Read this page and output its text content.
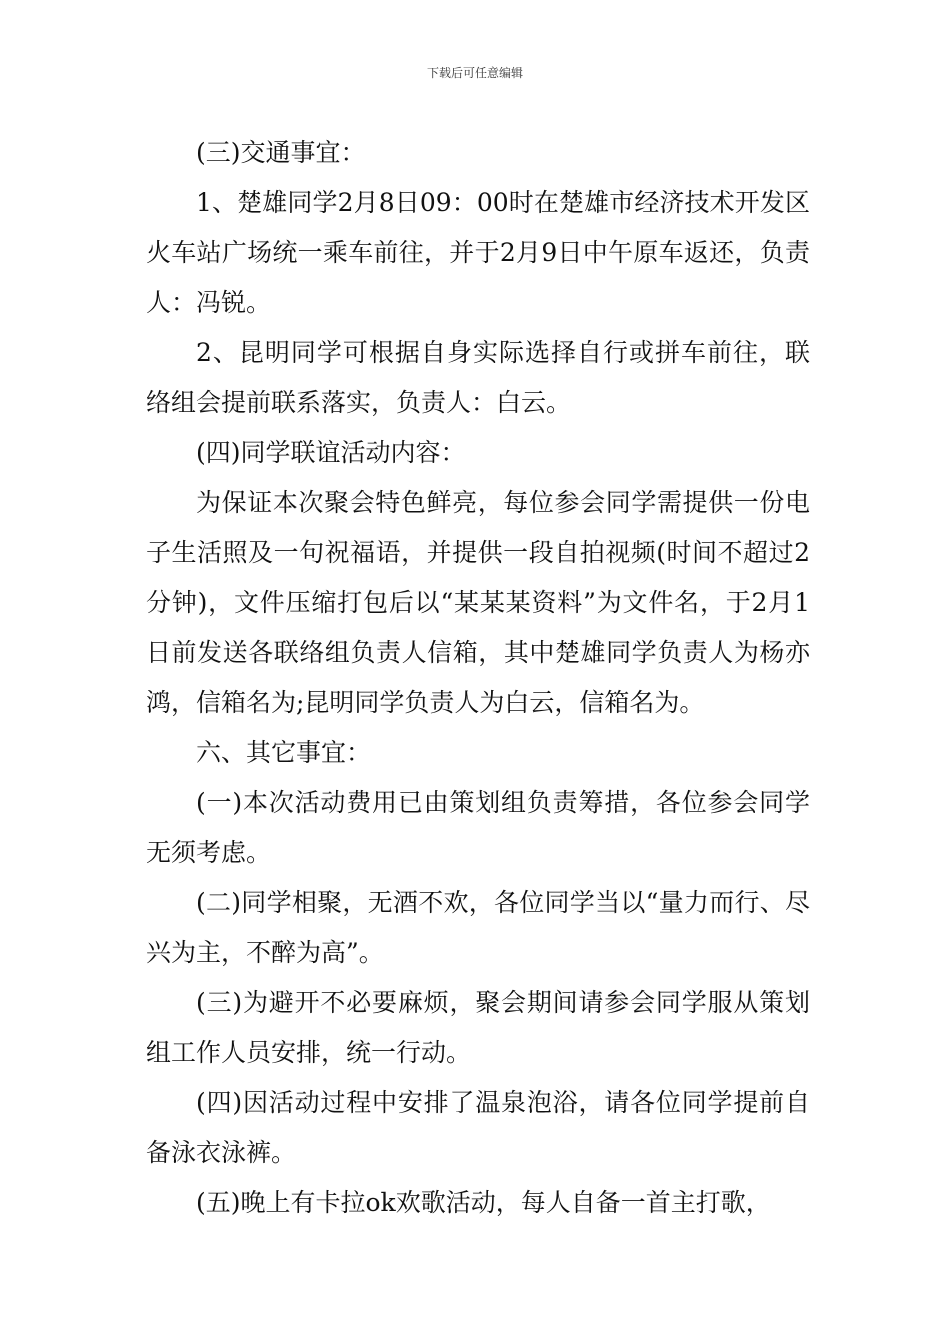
下载后可任意编辑

(三)交通事宜：

1、楚雄同学2月8日09：00时在楚雄市经济技术开发区火车站广场统一乘车前往，并于2月9日中午原车返还，负责人：冯锐。

2、昆明同学可根据自身实际选择自行或拼车前往，联络组会提前联系落实，负责人：白云。

(四)同学联谊活动内容：

为保证本次聚会特色鲜亮，每位参会同学需提供一份电子生活照及一句祝福语，并提供一段自拍视频(时间不超过2分钟)，文件压缩打包后以“某某某资料”为文件名，于2月1日前发送各联络组负责人信箱，其中楚雄同学负责人为杨亦鸿，信箱名为;昆明同学负责人为白云，信箱名为。

六、其它事宜：

(一)本次活动费用已由策划组负责筹措，各位参会同学无须考虑。

(二)同学相聚，无酒不欢，各位同学当以“量力而行、尽兴为主，不醉为高”。

(三)为避开不必要麻烦，聚会期间请参会同学服从策划组工作人员安排，统一行动。

(四)因活动过程中安排了温泉泡浴，请各位同学提前自备泳衣泳裤。

(五)晚上有卡拉ok欢歌活动，每人自备一首主打歌，
